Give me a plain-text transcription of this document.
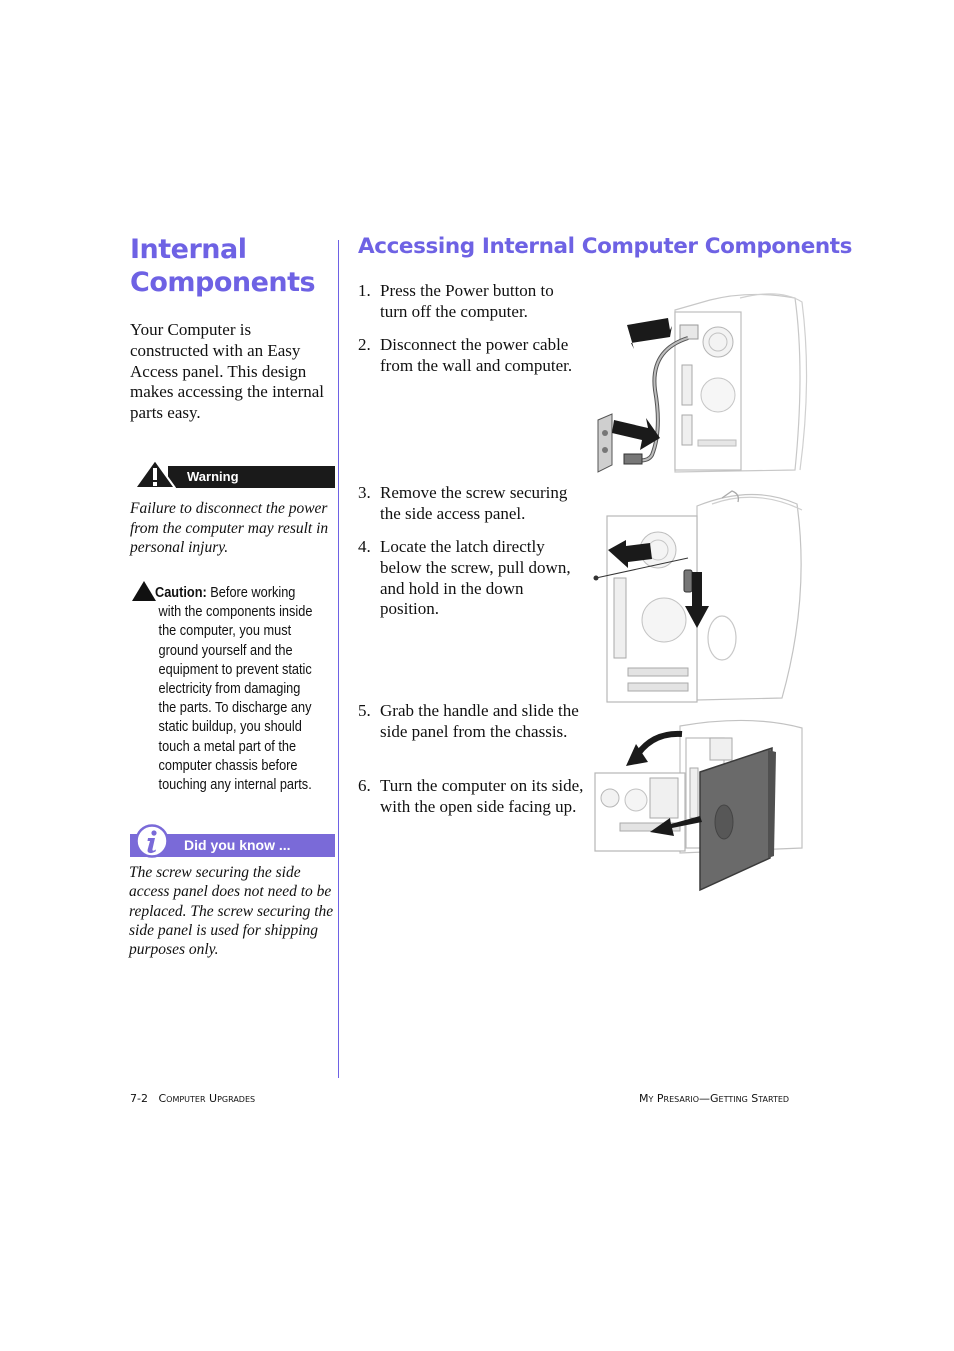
Internal
Components
Your Computer is constructed with an Easy Access panel. This design makes accessing the internal parts easy.
Warning
Failure to disconnect the power from the computer may result in personal injury.
Caution: Before working
with the components inside
the computer, you must
ground yourself and the
equipment to prevent static
electricity from damaging
the parts. To discharge any
static buildup, you should
touch a metal part of the
computer chassis before
touching any internal parts.
Did you know ...
The screw securing the side access panel does not need to be replaced. The screw securing the side panel is used for shipping purposes only.
Accessing Internal Computer Components
1. Press the Power button to turn off the computer.
2. Disconnect the power cable from the wall and computer.
3. Remove the screw securing the side access panel.
4. Locate the latch directly below the screw, pull down, and hold in the down position.
5. Grab the handle and slide the side panel from the chassis.
6. Turn the computer on its side, with the open side facing up.
7-2 Computer Upgrades	My Presario—Getting Started
